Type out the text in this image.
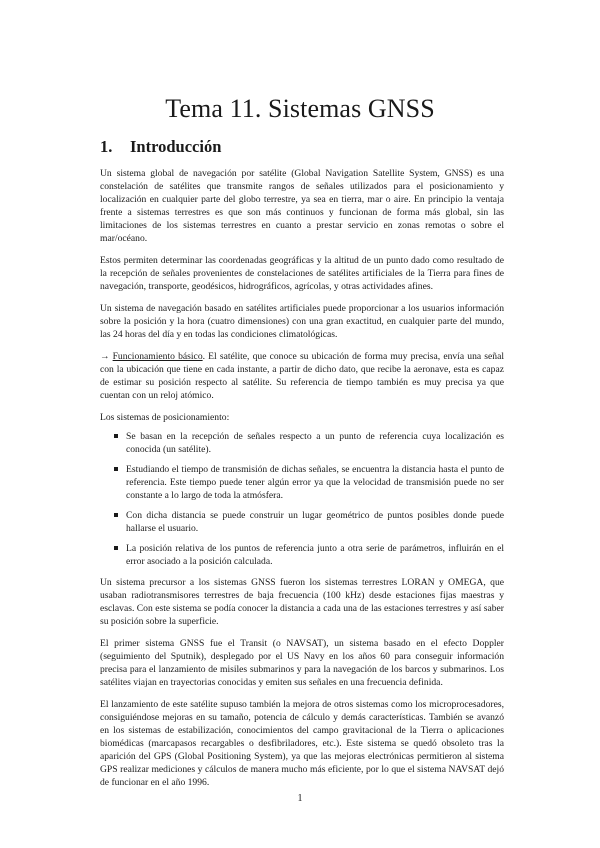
Tema 11. Sistemas GNSS
1. Introducción

Un sistema global de navegación por satélite (Global Navigation Satellite System, GNSS) es una constelación de satélites que transmite rangos de señales utilizados para el posicionamiento y localización en cualquier parte del globo terrestre, ya sea en tierra, mar o aire. En principio la ventaja frente a sistemas terrestres es que son más continuos y funcionan de forma más global, sin las limitaciones de los sistemas terrestres en cuanto a prestar servicio en zonas remotas o sobre el mar/océano.

Estos permiten determinar las coordenadas geográficas y la altitud de un punto dado como resultado de la recepción de señales provenientes de constelaciones de satélites artificiales de la Tierra para fines de navegación, transporte, geodésicos, hidrográficos, agrícolas, y otras actividades afines.

Un sistema de navegación basado en satélites artificiales puede proporcionar a los usuarios información sobre la posición y la hora (cuatro dimensiones) con una gran exactitud, en cualquier parte del mundo, las 24 horas del día y en todas las condiciones climatológicas.

→ Funcionamiento básico. El satélite, que conoce su ubicación de forma muy precisa, envía una señal con la ubicación que tiene en cada instante, a partir de dicho dato, que recibe la aeronave, esta es capaz de estimar su posición respecto al satélite. Su referencia de tiempo también es muy precisa ya que cuentan con un reloj atómico.

Los sistemas de posicionamiento:

Se basan en la recepción de señales respecto a un punto de referencia cuya localización es conocida (un satélite).
Estudiando el tiempo de transmisión de dichas señales, se encuentra la distancia hasta el punto de referencia. Este tiempo puede tener algún error ya que la velocidad de transmisión puede no ser constante a lo largo de toda la atmósfera.
Con dicha distancia se puede construir un lugar geométrico de puntos posibles donde puede hallarse el usuario.
La posición relativa de los puntos de referencia junto a otra serie de parámetros, influirán en el error asociado a la posición calculada.

Un sistema precursor a los sistemas GNSS fueron los sistemas terrestres LORAN y OMEGA, que usaban radiotransmisores terrestres de baja frecuencia (100 kHz) desde estaciones fijas maestras y esclavas. Con este sistema se podía conocer la distancia a cada una de las estaciones terrestres y así saber su posición sobre la superficie.

El primer sistema GNSS fue el Transit (o NAVSAT), un sistema basado en el efecto Doppler (seguimiento del Sputnik), desplegado por el US Navy en los años 60 para conseguir información precisa para el lanzamiento de misiles submarinos y para la navegación de los barcos y submarinos. Los satélites viajan en trayectorias conocidas y emiten sus señales en una frecuencia definida.

El lanzamiento de este satélite supuso también la mejora de otros sistemas como los microprocesadores, consiguiéndose mejoras en su tamaño, potencia de cálculo y demás características. También se avanzó en los sistemas de estabilización, conocimientos del campo gravitacional de la Tierra o aplicaciones biomédicas (marcapasos recargables o desfibriladores, etc.). Este sistema se quedó obsoleto tras la aparición del GPS (Global Positioning System), ya que las mejoras electrónicas permitieron al sistema GPS realizar mediciones y cálculos de manera mucho más eficiente, por lo que el sistema NAVSAT dejó de funcionar en el año 1996.

1
